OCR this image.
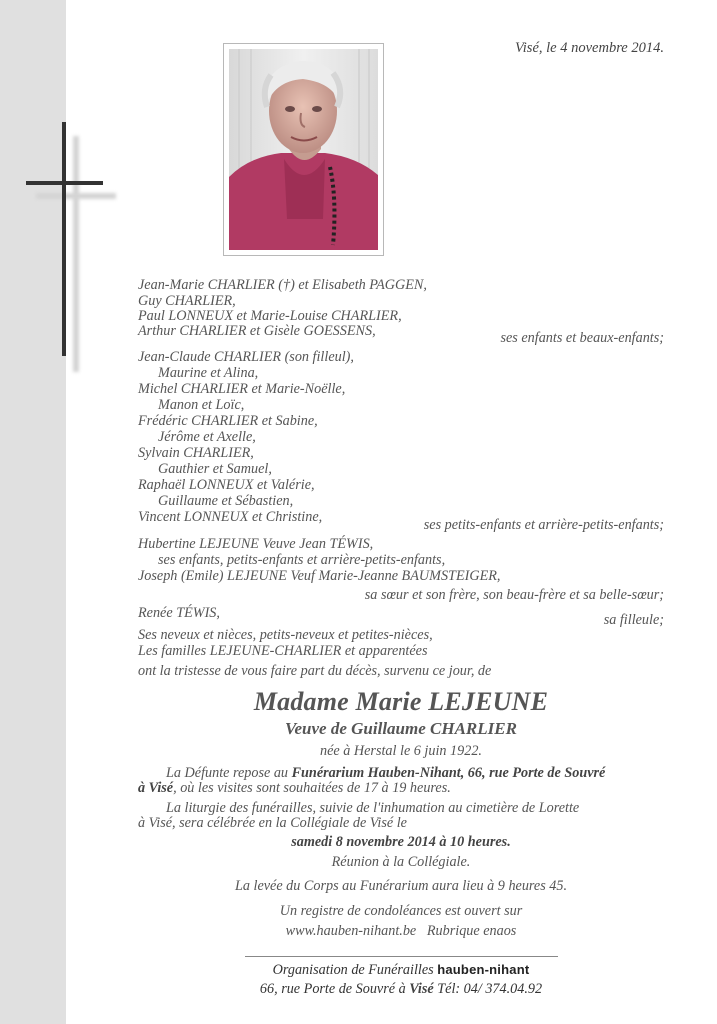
Visé, le 4 novembre 2014.
Jean-Marie CHARLIER (†) et Elisabeth PAGGEN,
Guy CHARLIER,
Paul LONNEUX et Marie-Louise CHARLIER,
Arthur CHARLIER et Gisèle GOESSENS,	ses enfants et beaux-enfants;
Jean-Claude CHARLIER (son filleul),
Maurine et Alina,
Michel CHARLIER et Marie-Noëlle,
Manon et Loïc,
Frédéric CHARLIER et Sabine,
Jérôme et Axelle,
Sylvain CHARLIER,
Gauthier et Samuel,
Raphaël LONNEUX et Valérie,
Guillaume et Sébastien,
Vincent LONNEUX et Christine,	ses petits-enfants et arrière-petits-enfants;
Hubertine LEJEUNE Veuve Jean TÉWIS,
ses enfants, petits-enfants et arrière-petits-enfants,
Joseph (Emile) LEJEUNE Veuf Marie-Jeanne BAUMSTEIGER,
sa sœur et son frère, son beau-frère et sa belle-sœur;
Renée TÉWIS,	sa filleule;
Ses neveux et nièces, petits-neveux et petites-nièces,
Les familles LEJEUNE-CHARLIER et apparentées
ont la tristesse de vous faire part du décès, survenu ce jour, de
Madame Marie LEJEUNE
Veuve de Guillaume CHARLIER
née à Herstal le 6 juin 1922.
La Défunte repose au Funérarium Hauben-Nihant, 66, rue Porte de Souvré
à Visé, où les visites sont souhaitées de 17 à 19 heures.
La liturgie des funérailles, suivie de l'inhumation au cimetière de Lorette
à Visé, sera célébrée en la Collégiale de Visé le
samedi 8 novembre 2014 à 10 heures.
Réunion à la Collégiale.
La levée du Corps au Funérarium aura lieu à 9 heures 45.
Un registre de condoléances est ouvert sur
www.hauben-nihant.be Rubrique enaos
Organisation de Funérailles hauben-nihant
66, rue Porte de Souvré à Visé Tél: 04/ 374.04.92
